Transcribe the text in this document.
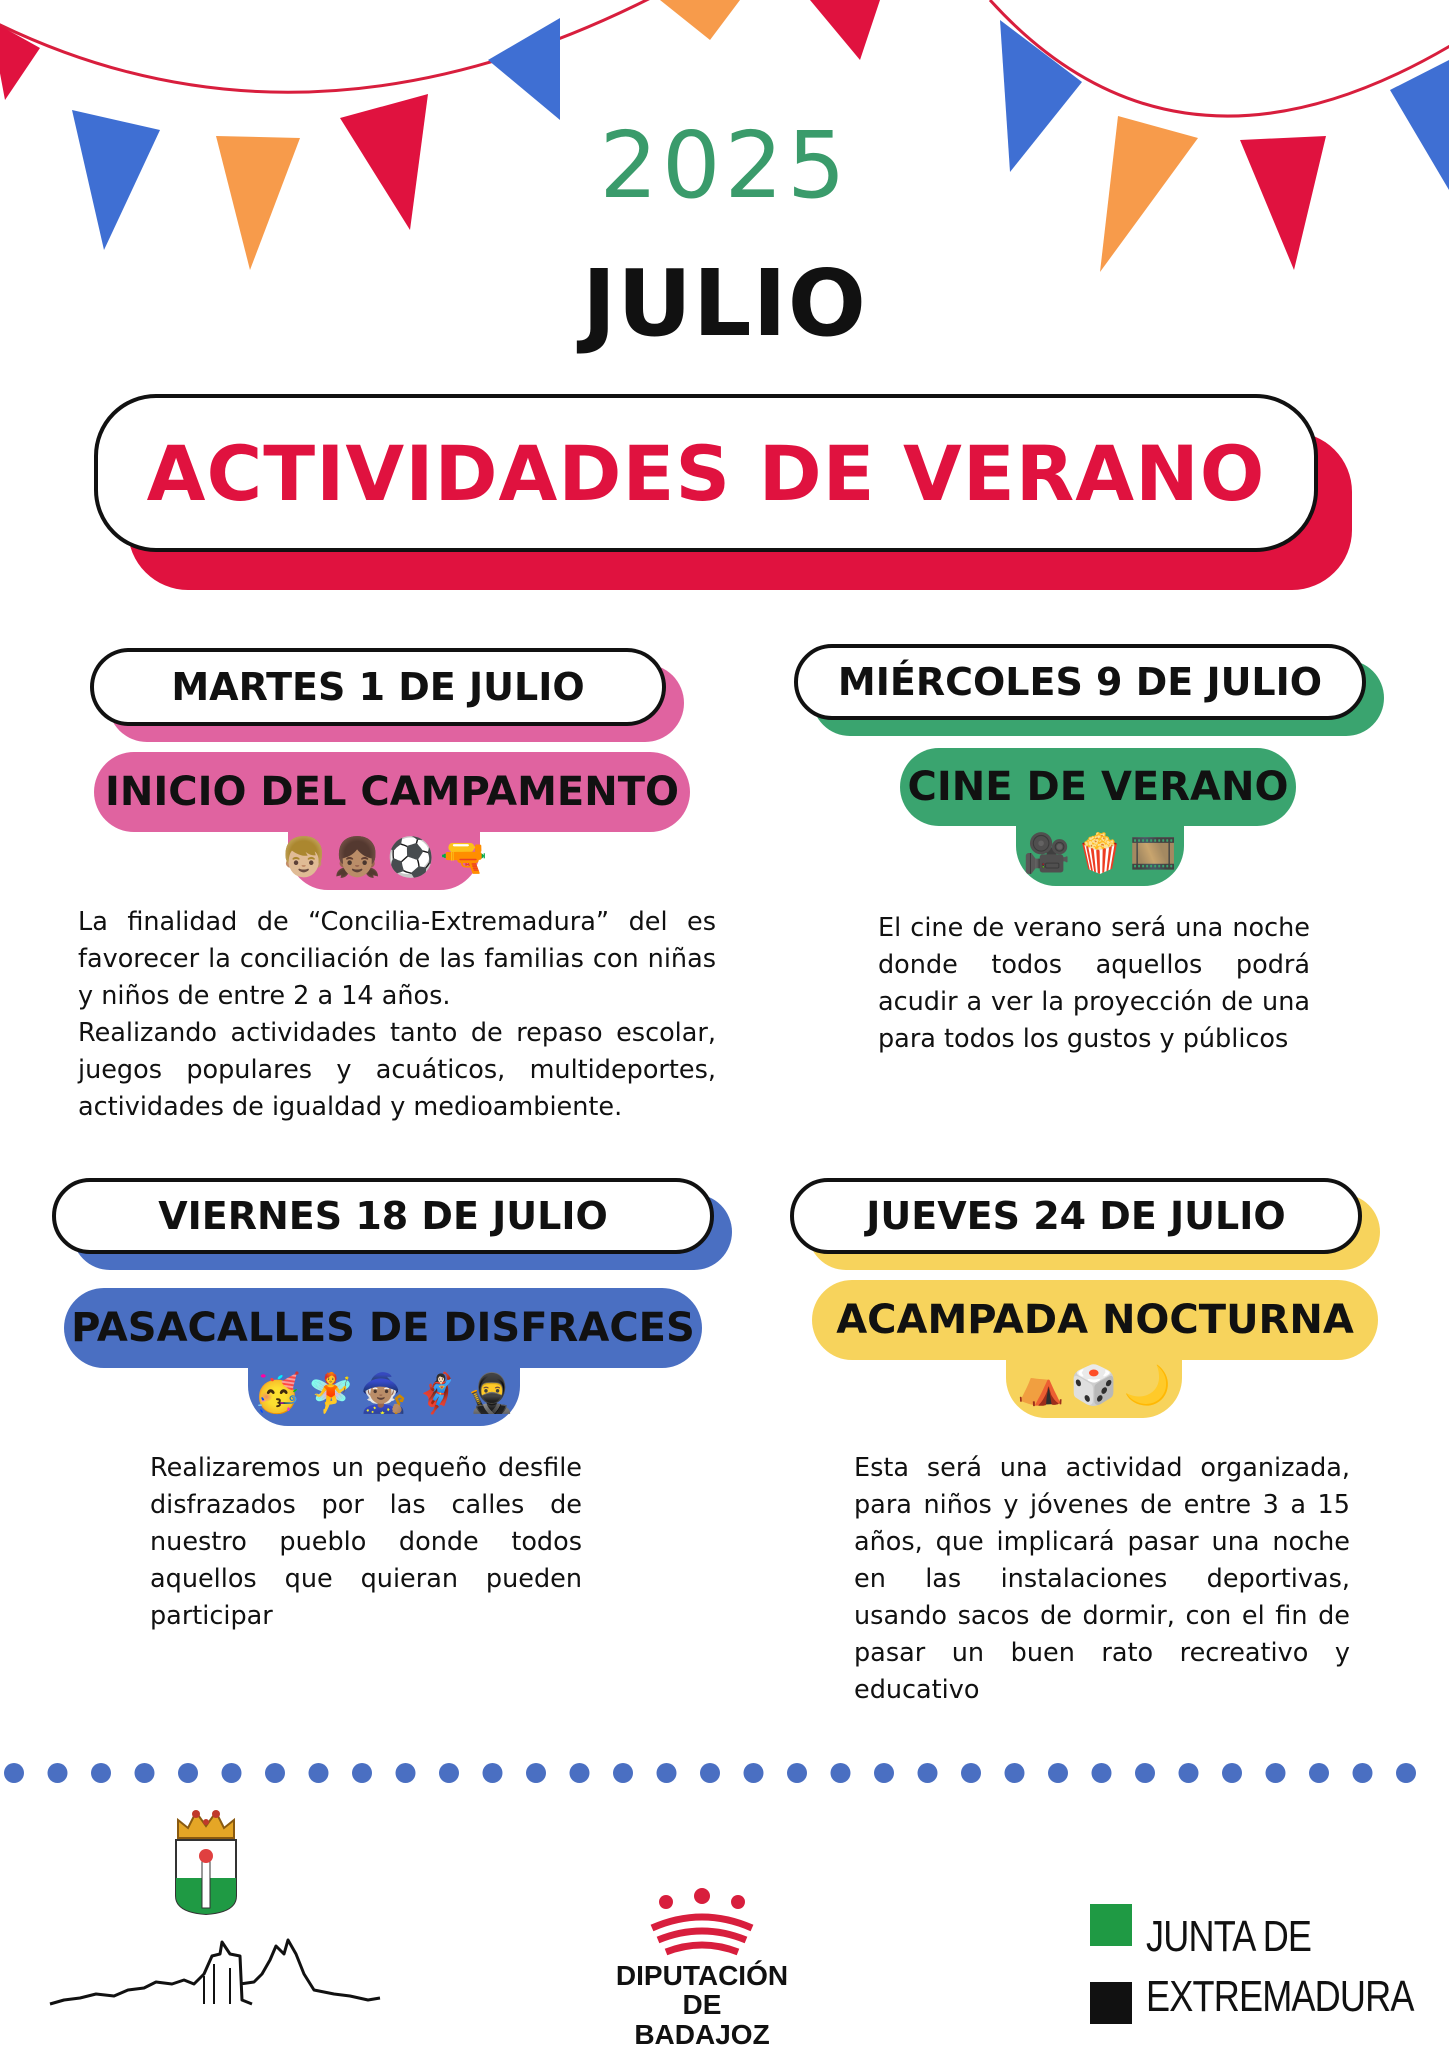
2025
JULIO
ACTIVIDADES DE VERANO
MARTES 1 DE JULIO
INICIO DEL CAMPAMENTO
👦🏼 👧🏽 ⚽ 🔫

La finalidad de “Concilia-Extremadura” del es favorecer la conciliación de las familias con niñas y niños de entre 2 a 14 años.

Realizando actividades tanto de repaso escolar, juegos populares y acuáticos, multideportes, actividades de igualdad y medioambiente.

MIÉRCOLES 9 DE JULIO
CINE DE VERANO
🎥 🍿 🎞️

El cine de verano será una noche donde todos aquellos podrá acudir a ver la proyección de una para todos los gustos y públicos

VIERNES 18 DE JULIO
PASACALLES DE DISFRACES
🥳 🧚 🧙🏽 🦸🏻‍♀️ 🥷

Realizaremos un pequeño desfile disfrazados por las calles de nuestro pueblo donde todos aquellos que quieran pueden participar

JUEVES 24 DE JULIO
ACAMPADA NOCTURNA
⛺ 🎲 🌙

Esta será una actividad organizada, para niños y jóvenes de entre 3 a 15 años, que implicará pasar una noche en las instalaciones deportivas, usando sacos de dormir, con el fin de pasar un buen rato recreativo y educativo

DIPUTACIÓN
DE BADAJOZ
JUNTA DE
EXTREMADURA
